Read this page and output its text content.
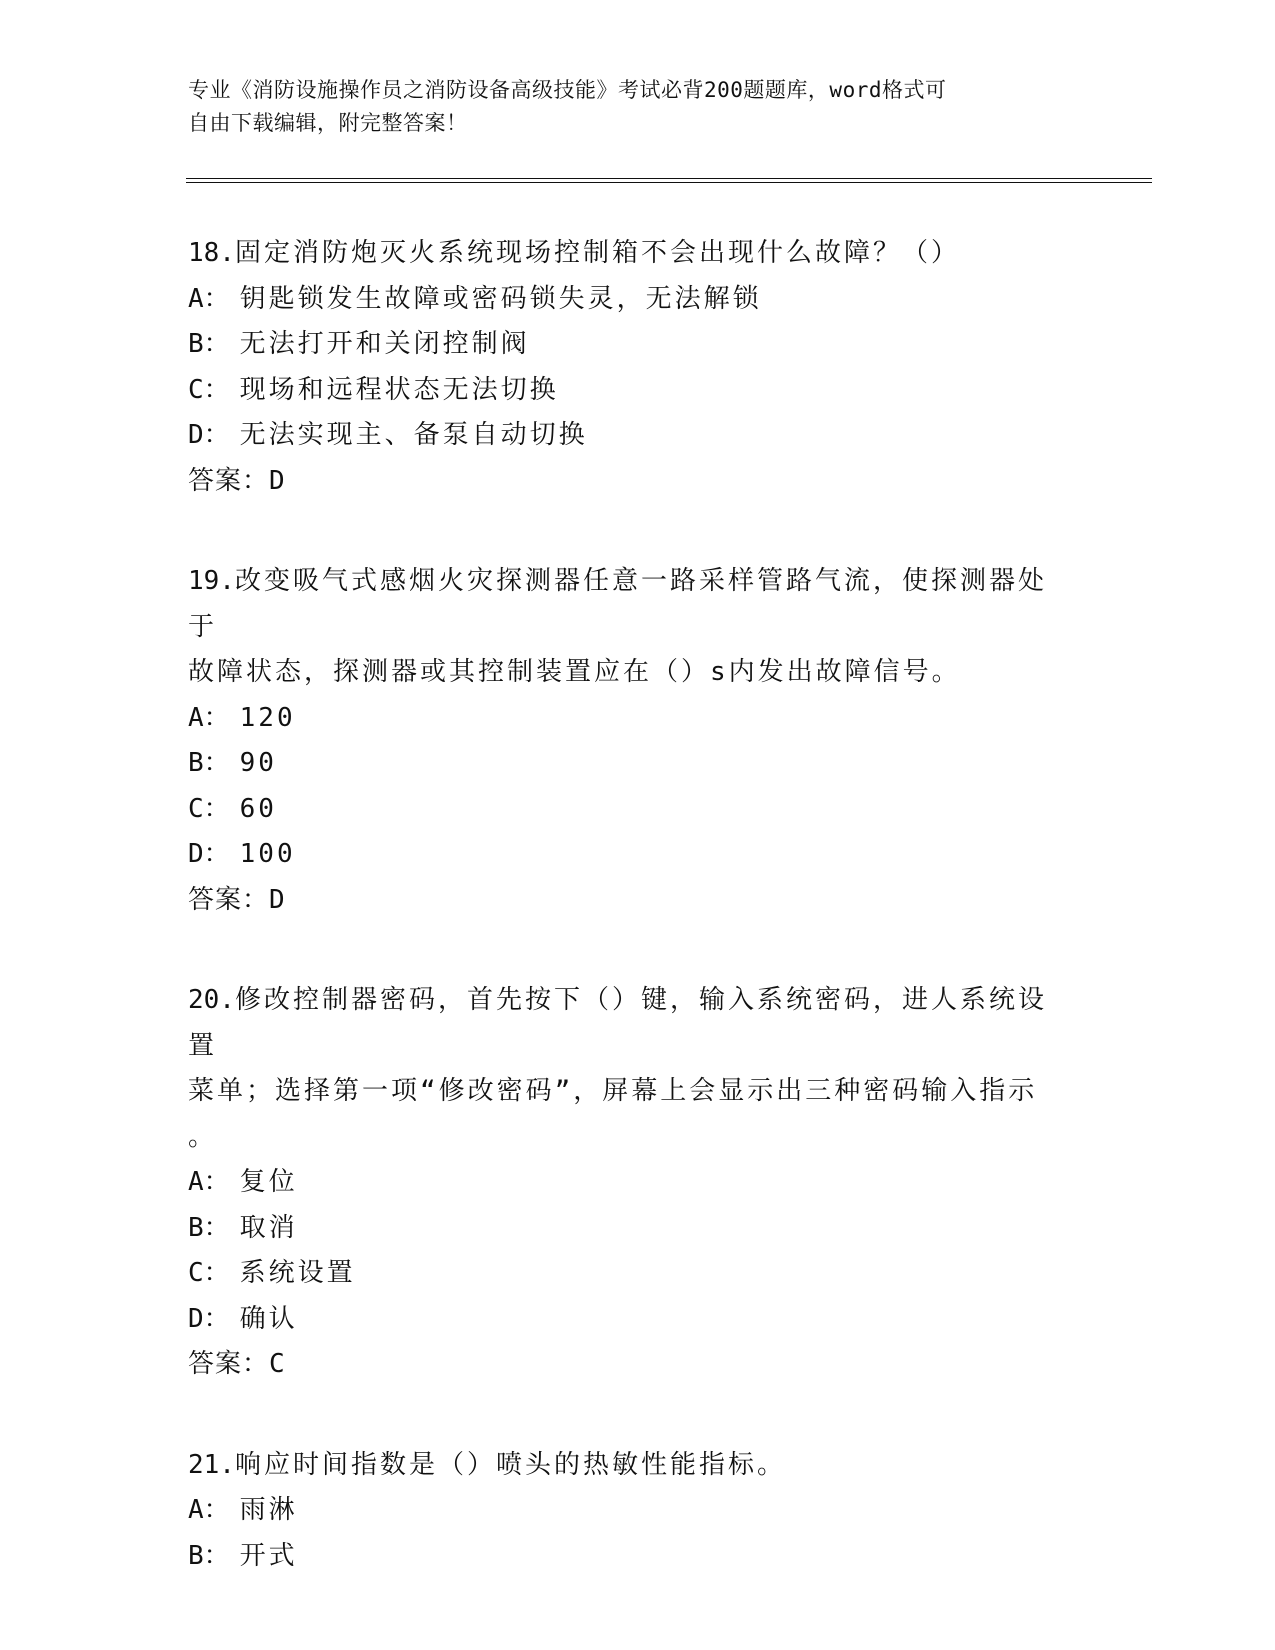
专业《消防设施操作员之消防设备高级技能》考试必背200题题库，word格式可
自由下载编辑，附完整答案！

18.固定消防炮灭火系统现场控制箱不会出现什么故障？（）

A： 钥匙锁发生故障或密码锁失灵，无法解锁

B： 无法打开和关闭控制阀

C： 现场和远程状态无法切换

D： 无法实现主、备泵自动切换

答案：D

19.改变吸气式感烟火灾探测器任意一路采样管路气流，使探测器处于

故障状态，探测器或其控制装置应在（）s内发出故障信号。

A： 120

B： 90

C： 60

D： 100

答案：D

20.修改控制器密码，首先按下（）键，输入系统密码，进人系统设置

菜单；选择第一项“修改密码”，屏幕上会显示出三种密码输入指示

。

A： 复位

B： 取消

C： 系统设置

D： 确认

答案：C

21.响应时间指数是（）喷头的热敏性能指标。

A： 雨淋

B： 开式
